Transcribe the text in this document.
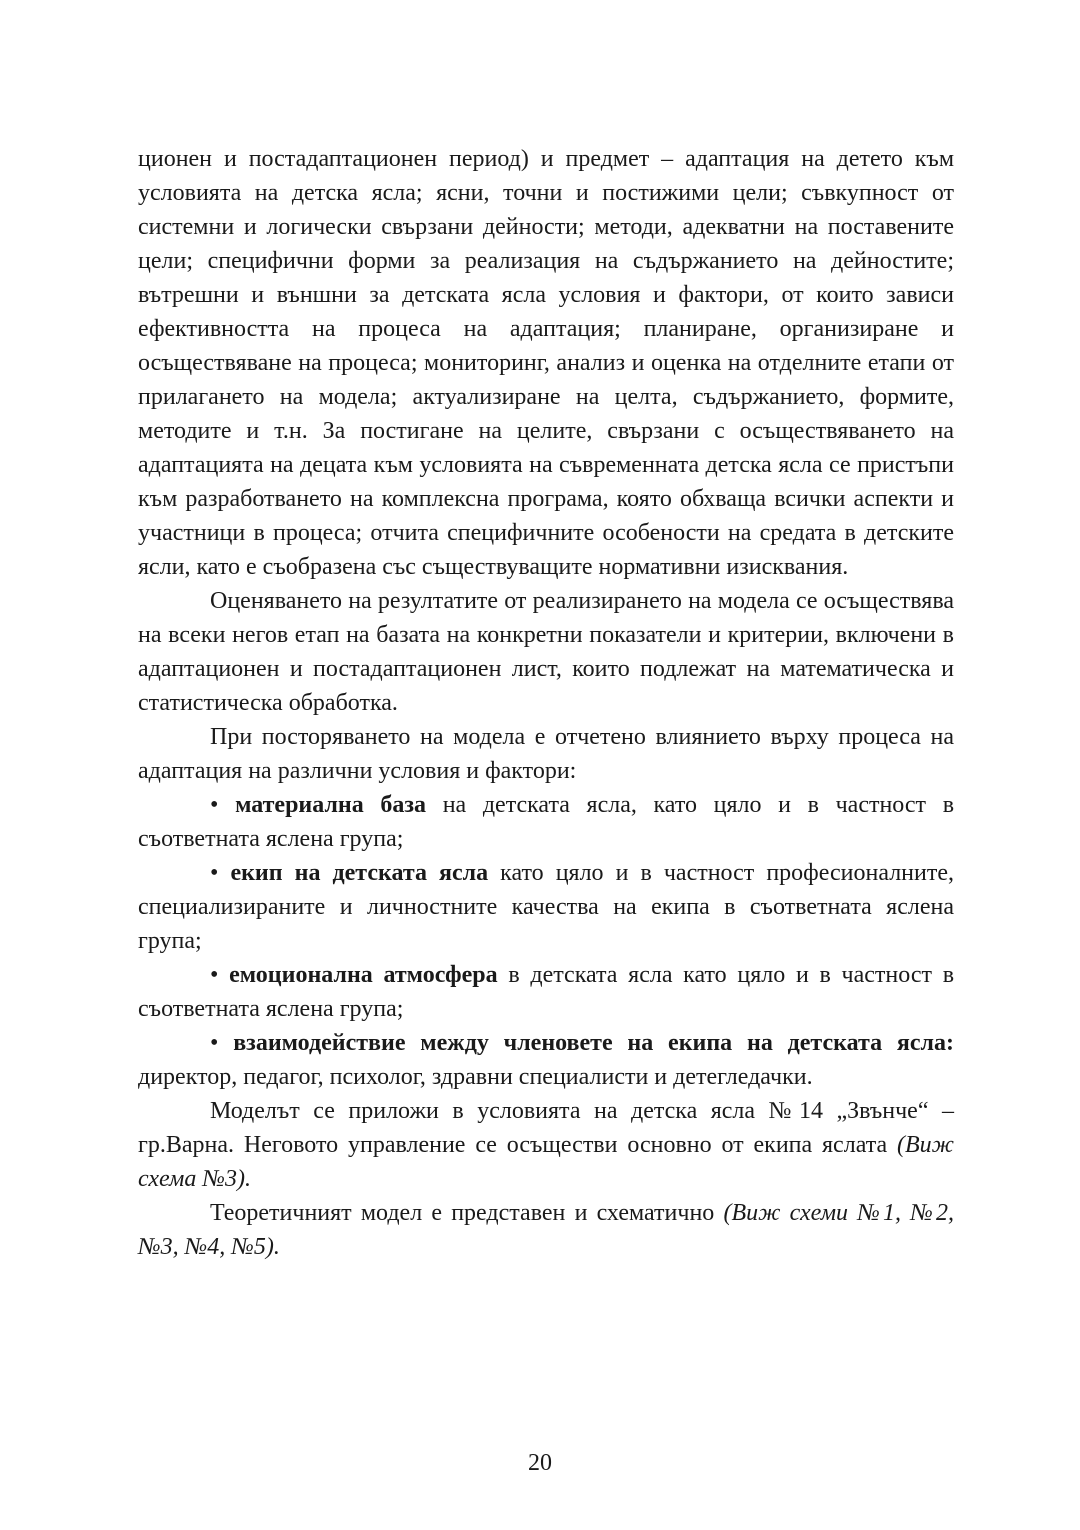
ционен и постадаптационен период) и предмет – адаптация на детето към условията на детска ясла; ясни, точни и постижими цели; съвкупност от системни и логически свързани дейности; методи, адекватни на поставените цели; специфични форми за реализация на съдържанието на дейностите; вътрешни и външни за детската ясла условия и фактори, от които зависи ефективността на процеса на адаптация; планиране, организиране и осъществяване на процеса; мониторинг, анализ и оценка на отделните етапи от прилагането на модела; актуализиране на целта, съдържанието, формите, методите и т.н. За постигане на целите, свързани с осъществяването на адаптацията на децата към условията на съвременната детска ясла се пристъпи към разработването на комплексна програма, която обхваща всички аспекти и участници в процеса; отчита специфичните особености на средата в детските ясли, като е съобразена със съществуващите нормативни изисквания.

Оценяването на резултатите от реализирането на модела се осъществява на всеки негов етап на базата на конкретни показатели и критерии, включени в адаптационен и постадаптационен лист, които подлежат на математическа и статистическа обработка.

При посторяването на модела е отчетено влиянието върху процеса на адаптация на различни условия и фактори:

• материална база на детската ясла, като цяло и в частност в съответната яслена група;

• екип на детската ясла като цяло и в частност професионалните, специализираните и личностните качества на екипа в съответната яслена група;

• емоционална атмосфера в детската ясла като цяло и в частност в съответната яслена група;

• взаимодействие между членовете на екипа на детската ясла: директор, педагог, психолог, здравни специалисти и детегледачки.

Моделът се приложи в условията на детска ясла №14 „Звънче“ – гр.Варна. Неговото управление се осъществи основно от екипа яслата (Виж схема №3).

Теоретичният модел е представен и схематично (Виж схеми №1, №2, №3, №4, №5).

20
